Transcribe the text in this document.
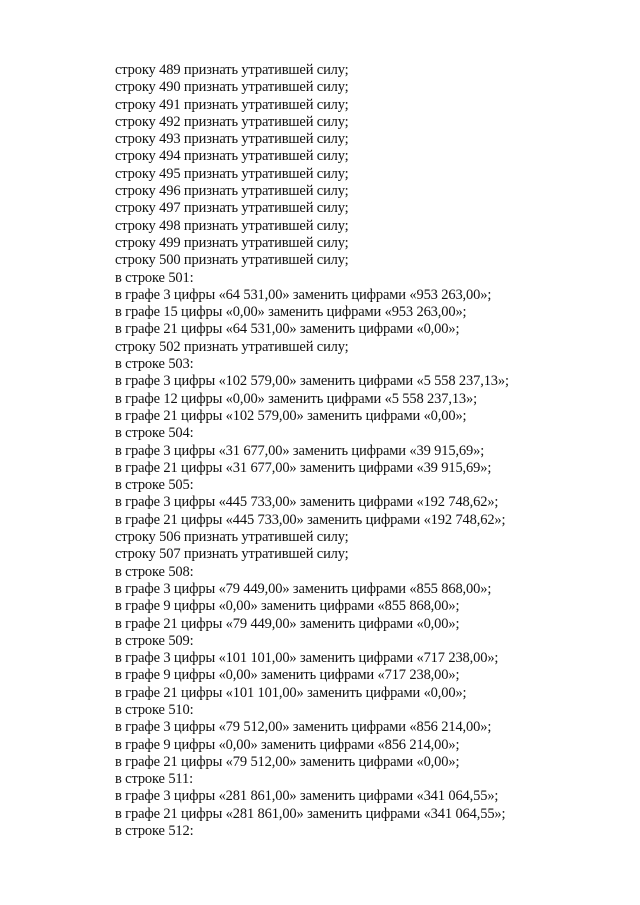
строку 489 признать утратившей силу;
строку 490 признать утратившей силу;
строку 491 признать утратившей силу;
строку 492 признать утратившей силу;
строку 493 признать утратившей силу;
строку 494 признать утратившей силу;
строку 495 признать утратившей силу;
строку 496 признать утратившей силу;
строку 497 признать утратившей силу;
строку 498 признать утратившей силу;
строку 499 признать утратившей силу;
строку 500 признать утратившей силу;
в строке 501:
в графе 3 цифры «64 531,00» заменить цифрами «953 263,00»;
в графе 15 цифры «0,00» заменить цифрами «953 263,00»;
в графе 21 цифры «64 531,00» заменить цифрами «0,00»;
строку 502 признать утратившей силу;
в строке 503:
в графе 3 цифры «102 579,00» заменить цифрами «5 558 237,13»;
в графе 12 цифры «0,00» заменить цифрами «5 558 237,13»;
в графе 21 цифры «102 579,00» заменить цифрами «0,00»;
в строке 504:
в графе 3 цифры «31 677,00» заменить цифрами «39 915,69»;
в графе 21 цифры «31 677,00» заменить цифрами «39 915,69»;
в строке 505:
в графе 3 цифры «445 733,00» заменить цифрами «192 748,62»;
в графе 21 цифры «445 733,00» заменить цифрами «192 748,62»;
строку 506 признать утратившей силу;
строку 507 признать утратившей силу;
в строке 508:
в графе 3 цифры «79 449,00» заменить цифрами «855 868,00»;
в графе 9 цифры «0,00» заменить цифрами «855 868,00»;
в графе 21 цифры «79 449,00» заменить цифрами «0,00»;
в строке 509:
в графе 3 цифры «101 101,00» заменить цифрами «717 238,00»;
в графе 9 цифры «0,00» заменить цифрами «717 238,00»;
в графе 21 цифры «101 101,00» заменить цифрами «0,00»;
в строке 510:
в графе 3 цифры «79 512,00» заменить цифрами «856 214,00»;
в графе 9 цифры «0,00» заменить цифрами «856 214,00»;
в графе 21 цифры «79 512,00» заменить цифрами «0,00»;
в строке 511:
в графе 3 цифры «281 861,00» заменить цифрами «341 064,55»;
в графе 21 цифры «281 861,00» заменить цифрами «341 064,55»;
в строке 512:
